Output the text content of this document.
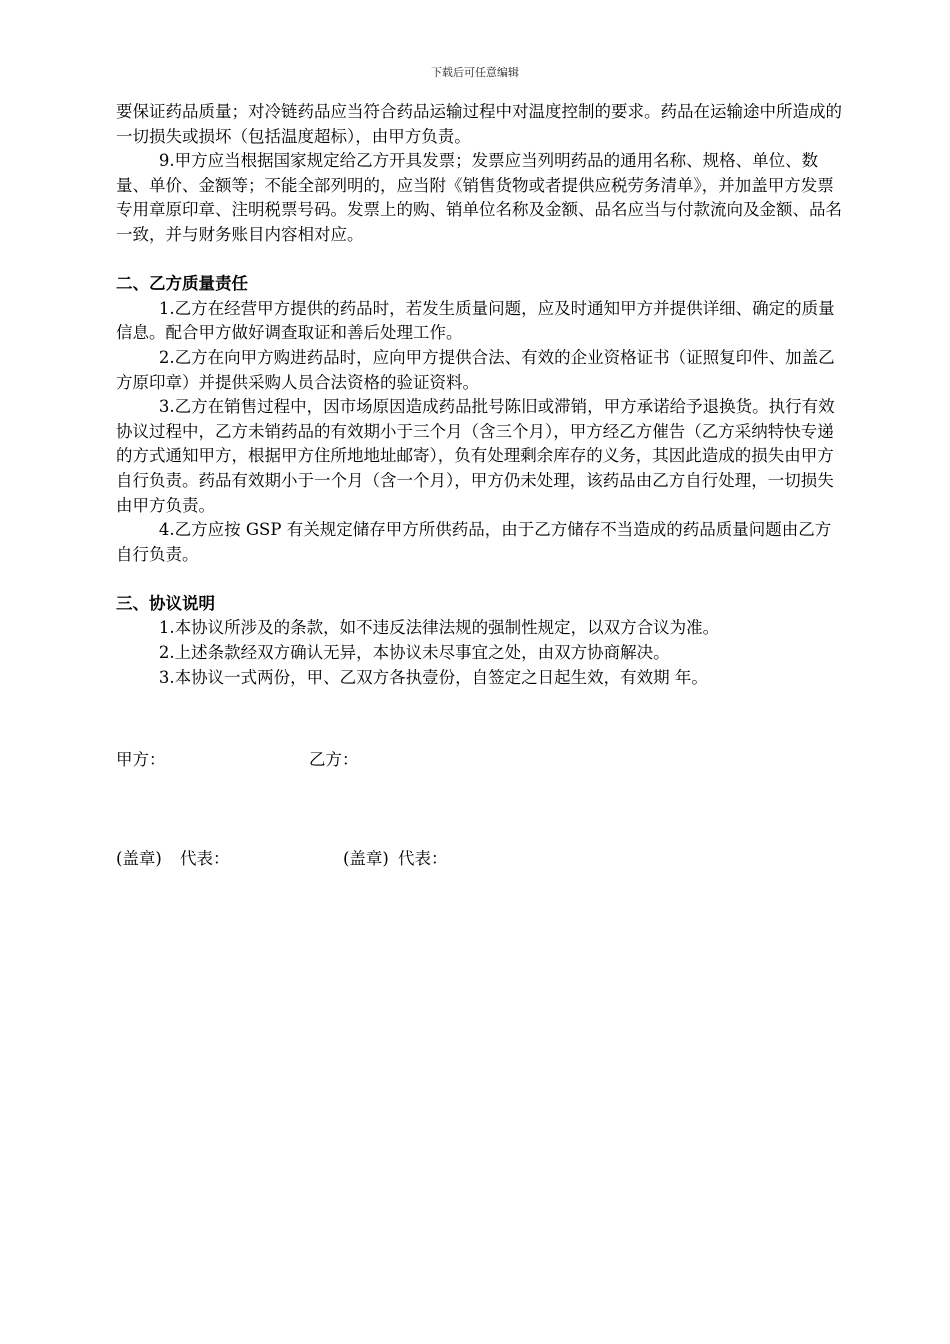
下载后可任意编辑

要保证药品质量；对冷链药品应当符合药品运输过程中对温度控制的要求。药品在运输途中所造成的一切损失或损坏（包括温度超标），由甲方负责。

9.甲方应当根据国家规定给乙方开具发票；发票应当列明药品的通用名称、规格、单位、数量、单价、金额等；不能全部列明的，应当附《销售货物或者提供应税劳务清单》，并加盖甲方发票专用章原印章、注明税票号码。发票上的购、销单位名称及金额、品名应当与付款流向及金额、品名一致，并与财务账目内容相对应。

二、乙方质量责任

1.乙方在经营甲方提供的药品时，若发生质量问题，应及时通知甲方并提供详细、确定的质量信息。配合甲方做好调查取证和善后处理工作。

2.乙方在向甲方购进药品时，应向甲方提供合法、有效的企业资格证书（证照复印件、加盖乙方原印章）并提供采购人员合法资格的验证资料。

3.乙方在销售过程中，因市场原因造成药品批号陈旧或滞销，甲方承诺给予退换货。执行有效协议过程中，乙方未销药品的有效期小于三个月（含三个月），甲方经乙方催告（乙方采纳特快专递的方式通知甲方，根据甲方住所地地址邮寄），负有处理剩余库存的义务，其因此造成的损失由甲方自行负责。药品有效期小于一个月（含一个月），甲方仍未处理，该药品由乙方自行处理，一切损失由甲方负责。

4.乙方应按 GSP 有关规定储存甲方所供药品，由于乙方储存不当造成的药品质量问题由乙方自行负责。

三、协议说明

1.本协议所涉及的条款，如不违反法律法规的强制性规定，以双方合议为准。

2.上述条款经双方确认无异，本协议未尽事宜之处，由双方协商解决。

3.本协议一式两份，甲、乙双方各执壹份，自签定之日起生效，有效期 年。

甲方：

	乙方：

(盖章)

代表：

	(盖章)

代表：
